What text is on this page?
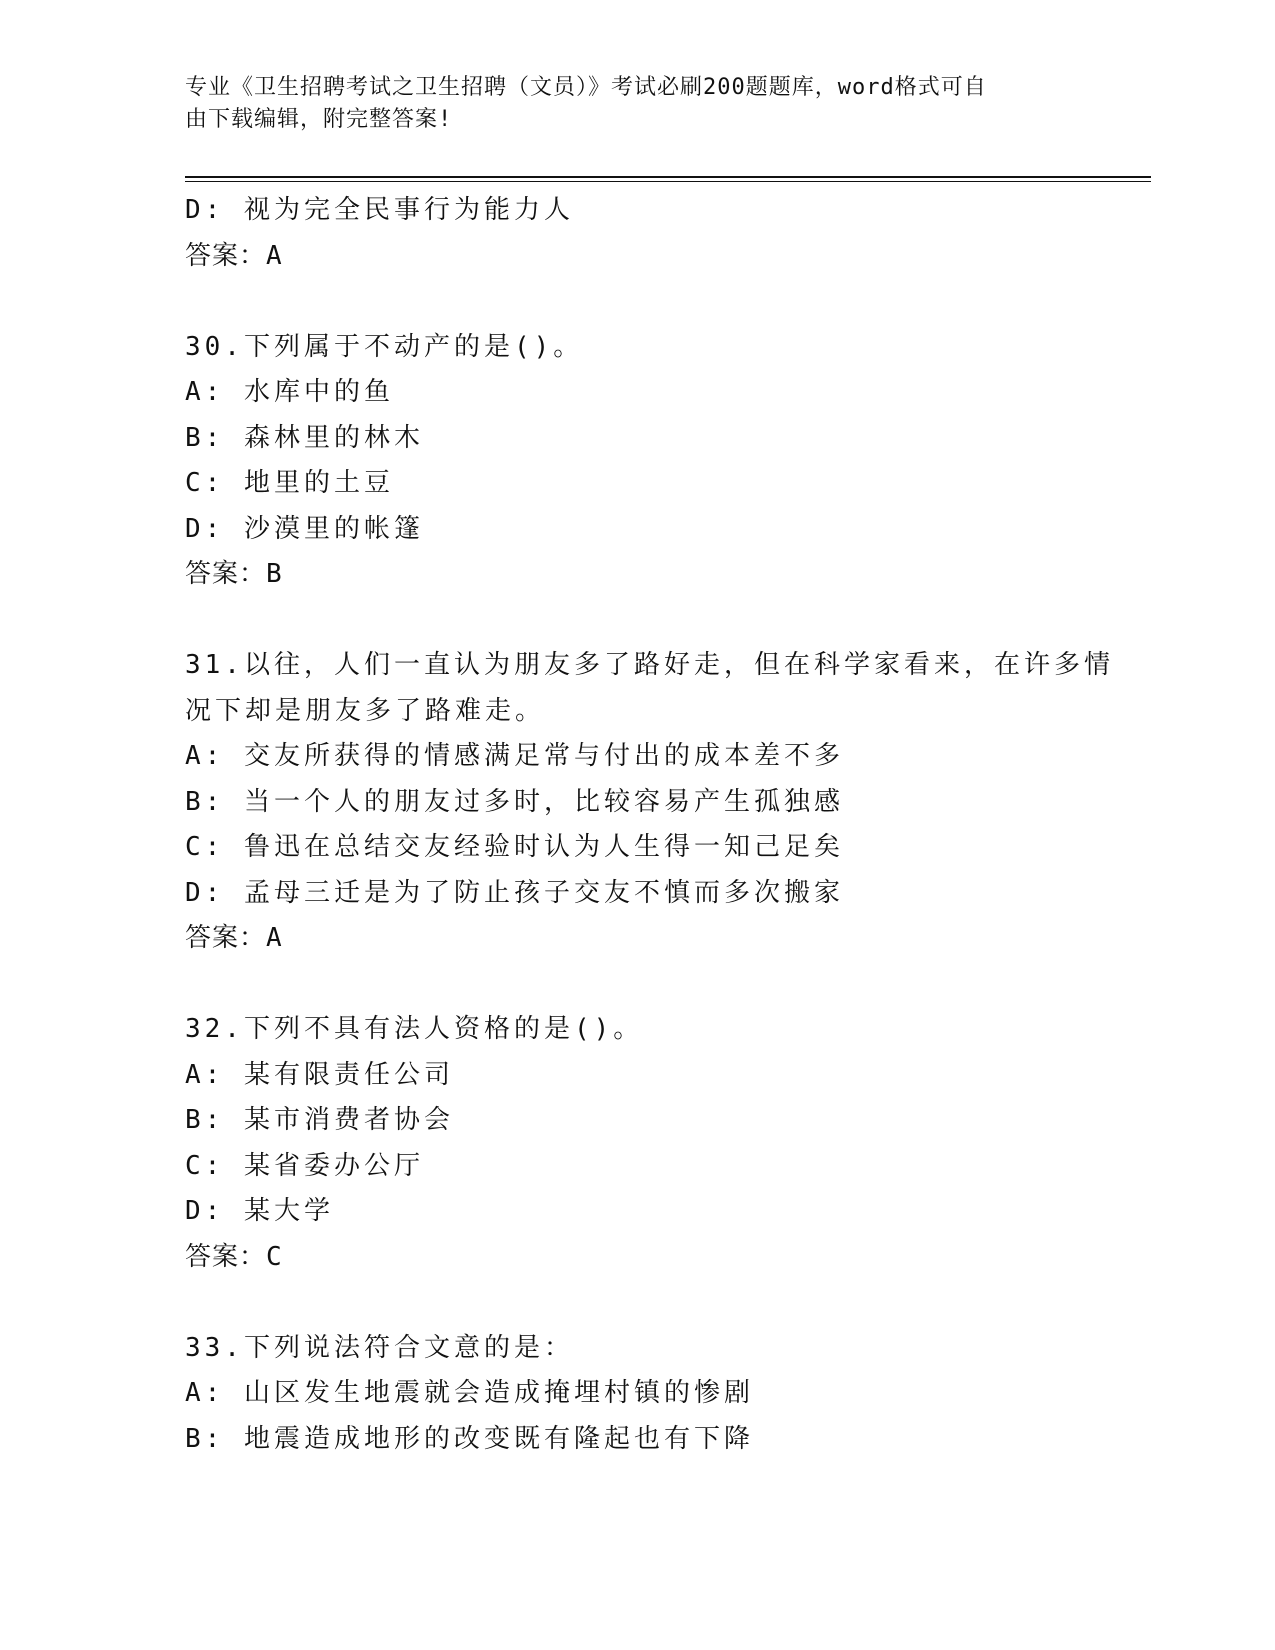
专业《卫生招聘考试之卫生招聘（文员）》考试必刷200题题库，word格式可自
由下载编辑，附完整答案!
D: 视为完全民事行为能力人
答案：A
30.下列属于不动产的是()。
A: 水库中的鱼
B: 森林里的林木
C: 地里的土豆
D: 沙漠里的帐篷
答案：B
31.以往，人们一直认为朋友多了路好走，但在科学家看来，在许多情
况下却是朋友多了路难走。
A: 交友所获得的情感满足常与付出的成本差不多
B: 当一个人的朋友过多时，比较容易产生孤独感
C: 鲁迅在总结交友经验时认为人生得一知己足矣
D: 孟母三迁是为了防止孩子交友不慎而多次搬家
答案：A
32.下列不具有法人资格的是()。
A: 某有限责任公司
B: 某市消费者协会
C: 某省委办公厅
D: 某大学
答案：C
33.下列说法符合文意的是：
A: 山区发生地震就会造成掩埋村镇的惨剧
B: 地震造成地形的改变既有隆起也有下降
